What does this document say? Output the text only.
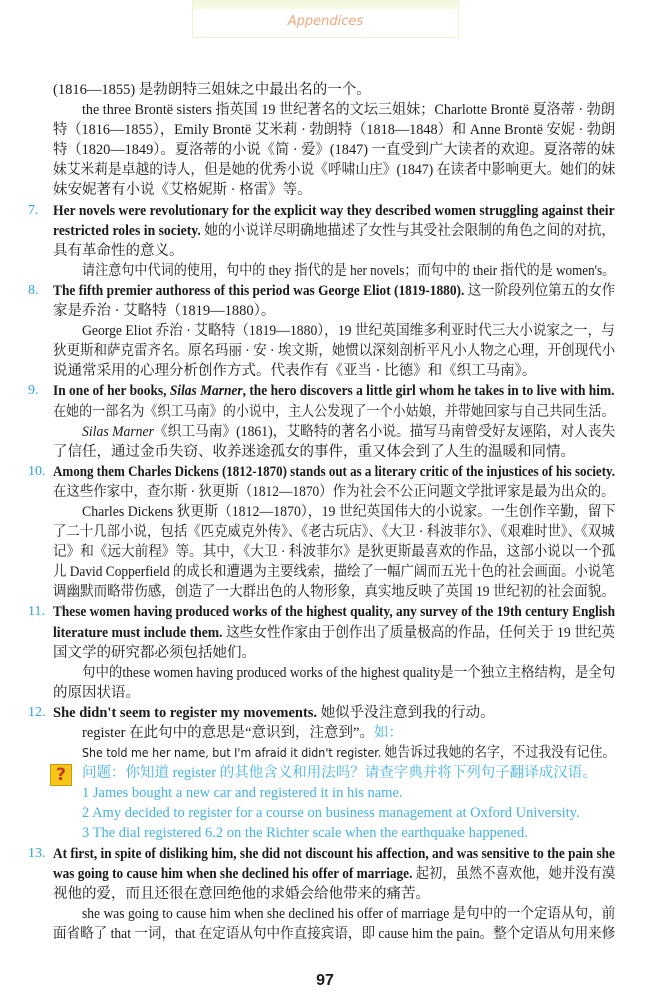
Appendices
(1816—1855) 是勃朗特三姐妹之中最出名的一个。
the three Brontë sisters 指英国 19 世纪著名的文坛三姐妹；Charlotte Brontë 夏洛蒂 · 勃朗
特（1816—1855），Emily Brontë 艾米莉 · 勃朗特（1818—1848）和 Anne Brontë 安妮 · 勃朗
特（1820—1849）。夏洛蒂的小说《简 · 爱》(1847) 一直受到广大读者的欢迎。夏洛蒂的妹
妹艾米莉是卓越的诗人，但是她的优秀小说《呼啸山庄》(1847) 在读者中影响更大。她们的妹
妹安妮著有小说《艾格妮斯 · 格雷》等。
7. Her novels were revolutionary for the explicit way they described women struggling against their
restricted roles in society. 她的小说详尽明确地描述了女性与其受社会限制的角色之间的对抗，
具有革命性的意义。
请注意句中代词的使用，句中的 they 指代的是 her novels；而句中的 their 指代的是 women's。
8. The fifth premier authoress of this period was George Eliot (1819-1880). 这一阶段列位第五的女作
家是乔治 · 艾略特（1819—1880）。
George Eliot 乔治 · 艾略特（1819—1880），19 世纪英国维多利亚时代三大小说家之一，与
狄更斯和萨克雷齐名。原名玛丽 · 安 · 埃文斯，她惯以深刻剖析平凡小人物之心理，开创现代小
说通常采用的心理分析创作方式。代表作有《亚当 · 比德》和《织工马南》。
9. In one of her books, Silas Marner, the hero discovers a little girl whom he takes in to live with him.
在她的一部名为《织工马南》的小说中，主人公发现了一个小姑娘，并带她回家与自己共同生活。
Silas Marner《织工马南》(1861)，艾略特的著名小说。描写马南曾受好友诬陷，对人丧失
了信任，通过金币失窃、收养迷途孤女的事件，重又体会到了人生的温暖和同情。
10. Among them Charles Dickens (1812-1870) stands out as a literary critic of the injustices of his society.
在这些作家中，查尔斯 · 狄更斯（1812—1870）作为社会不公正问题文学批评家是最为出众的。
Charles Dickens 狄更斯（1812—1870），19 世纪英国伟大的小说家。一生创作辛勤，留下
了二十几部小说，包括《匹克威克外传》、《老古玩店》、《大卫 · 科波菲尔》、《艰难时世》、《双城
记》和《远大前程》等。其中，《大卫 · 科波菲尔》是狄更斯最喜欢的作品，这部小说以一个孤
儿 David Copperfield 的成长和遭遇为主要线索，描绘了一幅广阔而五光十色的社会画面。小说笔
调幽默而略带伤感，创造了一大群出色的人物形象，真实地反映了英国 19 世纪初的社会面貌。
11. These women having produced works of the highest quality, any survey of the 19th century English
literature must include them. 这些女性作家由于创作出了质量极高的作品，任何关于 19 世纪英
国文学的研究都必须包括她们。
句中的these women having produced works of the highest quality是一个独立主格结构，是全句
的原因状语。
12. She didn't seem to register my movements. 她似乎没注意到我的行动。
register 在此句中的意思是“意识到，注意到”。如：
She told me her name, but I'm afraid it didn't register. 她告诉过我她的名字，不过我没有记住。
?	问题：你知道 register 的其他含义和用法吗？请查字典并将下列句子翻译成汉语。
1 James bought a new car and registered it in his name.
2 Amy decided to register for a course on business management at Oxford University.
3 The dial registered 6.2 on the Richter scale when the earthquake happened.
13. At first, in spite of disliking him, she did not discount his affection, and was sensitive to the pain she
was going to cause him when she declined his offer of marriage. 起初，虽然不喜欢他，她并没有漠
视他的爱，而且还很在意回绝他的求婚会给他带来的痛苦。
she was going to cause him when she declined his offer of marriage 是句中的一个定语从句，前
面省略了 that 一词，that 在定语从句中作直接宾语，即 cause him the pain。整个定语从句用来修
97
